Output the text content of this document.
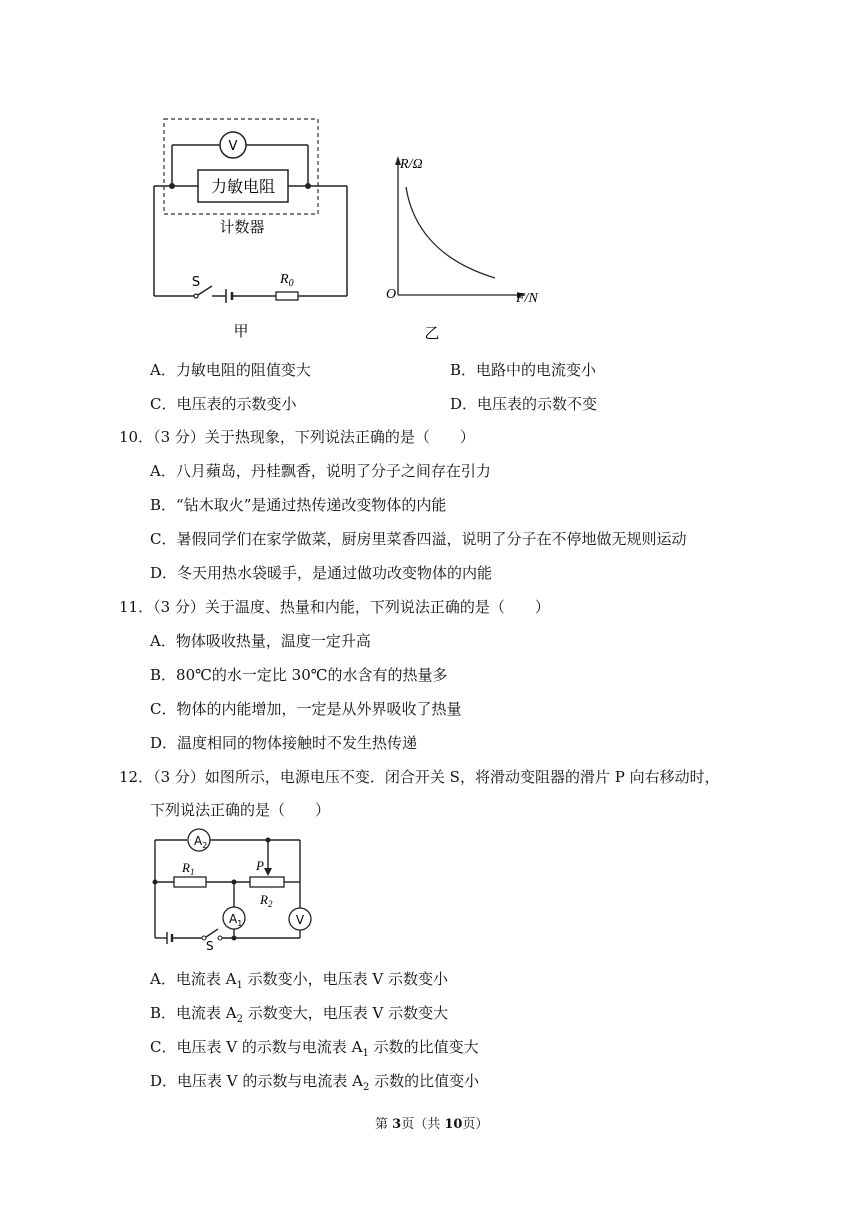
V
力敏电阻
计数器
S	$R_0$
甲
R/Ω
F/N
O
乙
A．力敏电阻的阻值变大	B．电路中的电流变小
C．电压表的示数变小	D．电压表的示数不变
10．（3 分）关于热现象，下列说法正确的是（　　）
A．八月蘋岛，丹桂飘香，说明了分子之间存在引力
B．“钻木取火”是通过热传递改变物体的内能
C．暑假同学们在家学做菜，厨房里菜香四溢，说明了分子在不停地做无规则运动
D．冬天用热水袋暖手，是通过做功改变物体的内能
11．（3 分）关于温度、热量和内能，下列说法正确的是（　　）
A．物体吸收热量，温度一定升高
B．80℃的水一定比 30℃的水含有的热量多
C．物体的内能增加，一定是从外界吸收了热量
D．温度相同的物体接触时不发生热传递
12．（3 分）如图所示，电源电压不变．闭合开关 S，将滑动变阻器的滑片 P 向右移动时，
下列说法正确的是（　　）
$A_2$
$R_1$
$R_2$
P
V
$A_1$
S
A．电流表 $A_1$ 示数变小，电压表 V 示数变小
B．电流表 $A_2$ 示数变大，电压表 V 示数变大
C．电压表 V 的示数与电流表 $A_1$ 示数的比值变大
D．电压表 V 的示数与电流表 $A_2$ 示数的比值变小
第 3页（共 10页）
